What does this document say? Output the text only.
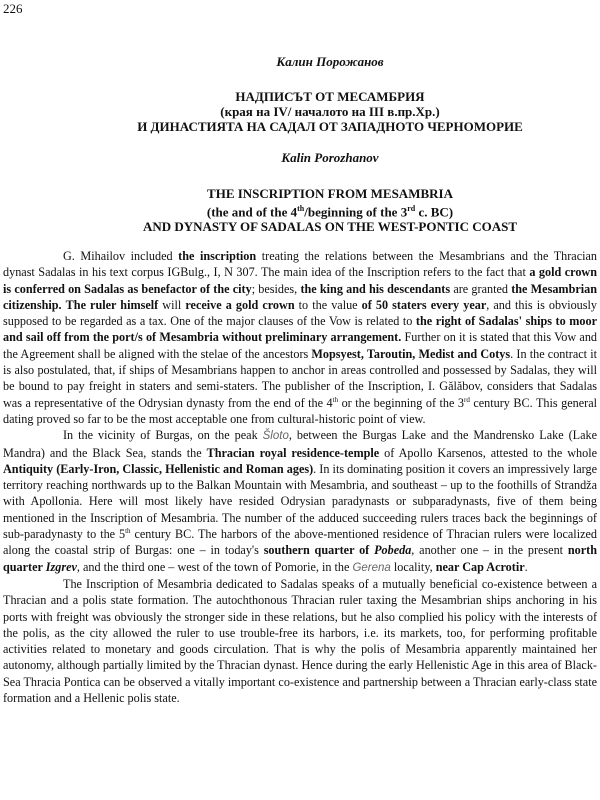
226
Калин Порожанов
НАДПИСЪТ ОТ МЕСАМБРИЯ
(края на IV/ началото на III в.пр.Хр.)
И ДИНАСТИЯТА НА САДАЛ ОТ ЗАПАДНОТО ЧЕРНОМОРИЕ
Kalin Porozhanov
THE INSCRIPTION FROM MESAMBRIA
(the and of the 4th/beginning of the 3rd c. BC)
AND DYNASTY OF SADALAS ON THE WEST-PONTIC COAST

G. Mihailov included the inscription treating the relations between the Mesambrians and the Thracian dynast Sadalas in his text corpus IGBulg., I, N 307. The main idea of the Inscription refers to the fact that a gold crown is conferred on Sadalas as benefactor of the city; besides, the king and his descendants are granted the Mesambrian citizenship. The ruler himself will receive a gold crown to the value of 50 staters every year, and this is obviously supposed to be regarded as a tax. One of the major clauses of the Vow is related to the right of Sadalas' ships to moor and sail off from the port/s of Mesambria without preliminary arrangement. Further on it is stated that this Vow and the Agreement shall be aligned with the stelae of the ancestors Mopsyest, Taroutin, Medist and Cotys. In the contract it is also postulated, that, if ships of Mesambrians happen to anchor in areas controlled and possessed by Sadalas, they will be bound to pay freight in staters and semi-staters. The publisher of the Inscription, I. Gălăbov, considers that Sadalas was a representative of the Odrysian dynasty from the end of the 4th or the beginning of the 3rd century BC. This general dating proved so far to be the most acceptable one from cultural-historic point of view.

In the vicinity of Burgas, on the peak Šloto, between the Burgas Lake and the Mandrensko Lake (Lake Mandra) and the Black Sea, stands the Thracian royal residence-temple of Apollo Karsenos, attested to the whole Antiquity (Early-Iron, Classic, Hellenistic and Roman ages). In its dominating position it covers an impressively large territory reaching northwards up to the Balkan Mountain with Mesambria, and southeast – up to the foothills of Strandža with Apollonia. Here will most likely have resided Odrysian paradynasts or subparadynasts, five of them being mentioned in the Inscription of Mesambria. The number of the adduced succeeding rulers traces back the beginnings of sub-paradynasty to the 5th century BC. The harbors of the above-mentioned residence of Thracian rulers were localized along the coastal strip of Burgas: one – in today's southern quarter of Pobeda, another one – in the present north quarter Izgrev, and the third one – west of the town of Pomorie, in the Gerena locality, near Cap Acrotir.

The Inscription of Mesambria dedicated to Sadalas speaks of a mutually beneficial co-existence between a Thracian and a polis state formation. The autochthonous Thracian ruler taxing the Mesambrian ships anchoring in his ports with freight was obviously the stronger side in these relations, but he also complied his policy with the interests of the polis, as the city allowed the ruler to use trouble-free its harbors, i.e. its markets, too, for performing profitable activities related to monetary and goods circulation. That is why the polis of Mesambria apparently maintained her autonomy, although partially limited by the Thracian dynast. Hence during the early Hellenistic Age in this area of Black-Sea Thracia Pontica can be observed a vitally important co-existence and partnership between a Thracian early-class state formation and a Hellenic polis state.
